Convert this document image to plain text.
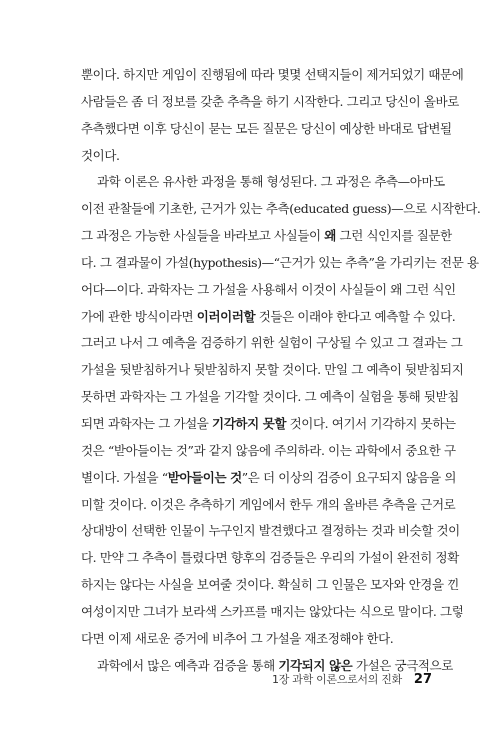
뿐이다. 하지만 게임이 진행됨에 따라 몇몇 선택지들이 제거되었기 때문에
사람들은 좀 더 정보를 갖춘 추측을 하기 시작한다. 그리고 당신이 올바로
추측했다면 이후 당신이 묻는 모든 질문은 당신이 예상한 바대로 답변될
것이다.
과학 이론은 유사한 과정을 통해 형성된다. 그 과정은 추측—아마도
이전 관찰들에 기초한, 근거가 있는 추측(educated guess)—으로 시작한다.
그 과정은 가능한 사실들을 바라보고 사실들이 왜 그런 식인지를 질문한
다. 그 결과물이 가설(hypothesis)—“근거가 있는 추측”을 가리키는 전문 용
어다—이다. 과학자는 그 가설을 사용해서 이것이 사실들이 왜 그런 식인
가에 관한 방식이라면 이러이러할 것들은 이래야 한다고 예측할 수 있다.
그러고 나서 그 예측을 검증하기 위한 실험이 구상될 수 있고 그 결과는 그
가설을 뒷받침하거나 뒷받침하지 못할 것이다. 만일 그 예측이 뒷받침되지
못하면 과학자는 그 가설을 기각할 것이다. 그 예측이 실험을 통해 뒷받침
되면 과학자는 그 가설을 기각하지 못할 것이다. 여기서 기각하지 못하는
것은 “받아들이는 것”과 같지 않음에 주의하라. 이는 과학에서 중요한 구
별이다. 가설을 “받아들이는 것”은 더 이상의 검증이 요구되지 않음을 의
미할 것이다. 이것은 추측하기 게임에서 한두 개의 올바른 추측을 근거로
상대방이 선택한 인물이 누구인지 발견했다고 결정하는 것과 비슷할 것이
다. 만약 그 추측이 틀렸다면 향후의 검증들은 우리의 가설이 완전히 정확
하지는 않다는 사실을 보여줄 것이다. 확실히 그 인물은 모자와 안경을 낀
여성이지만 그녀가 보라색 스카프를 매지는 않았다는 식으로 말이다. 그렇
다면 이제 새로운 증거에 비추어 그 가설을 재조정해야 한다.
과학에서 많은 예측과 검증을 통해 기각되지 않은 가설은 궁극적으로
1장 과학 이론으로서의 진화 27
